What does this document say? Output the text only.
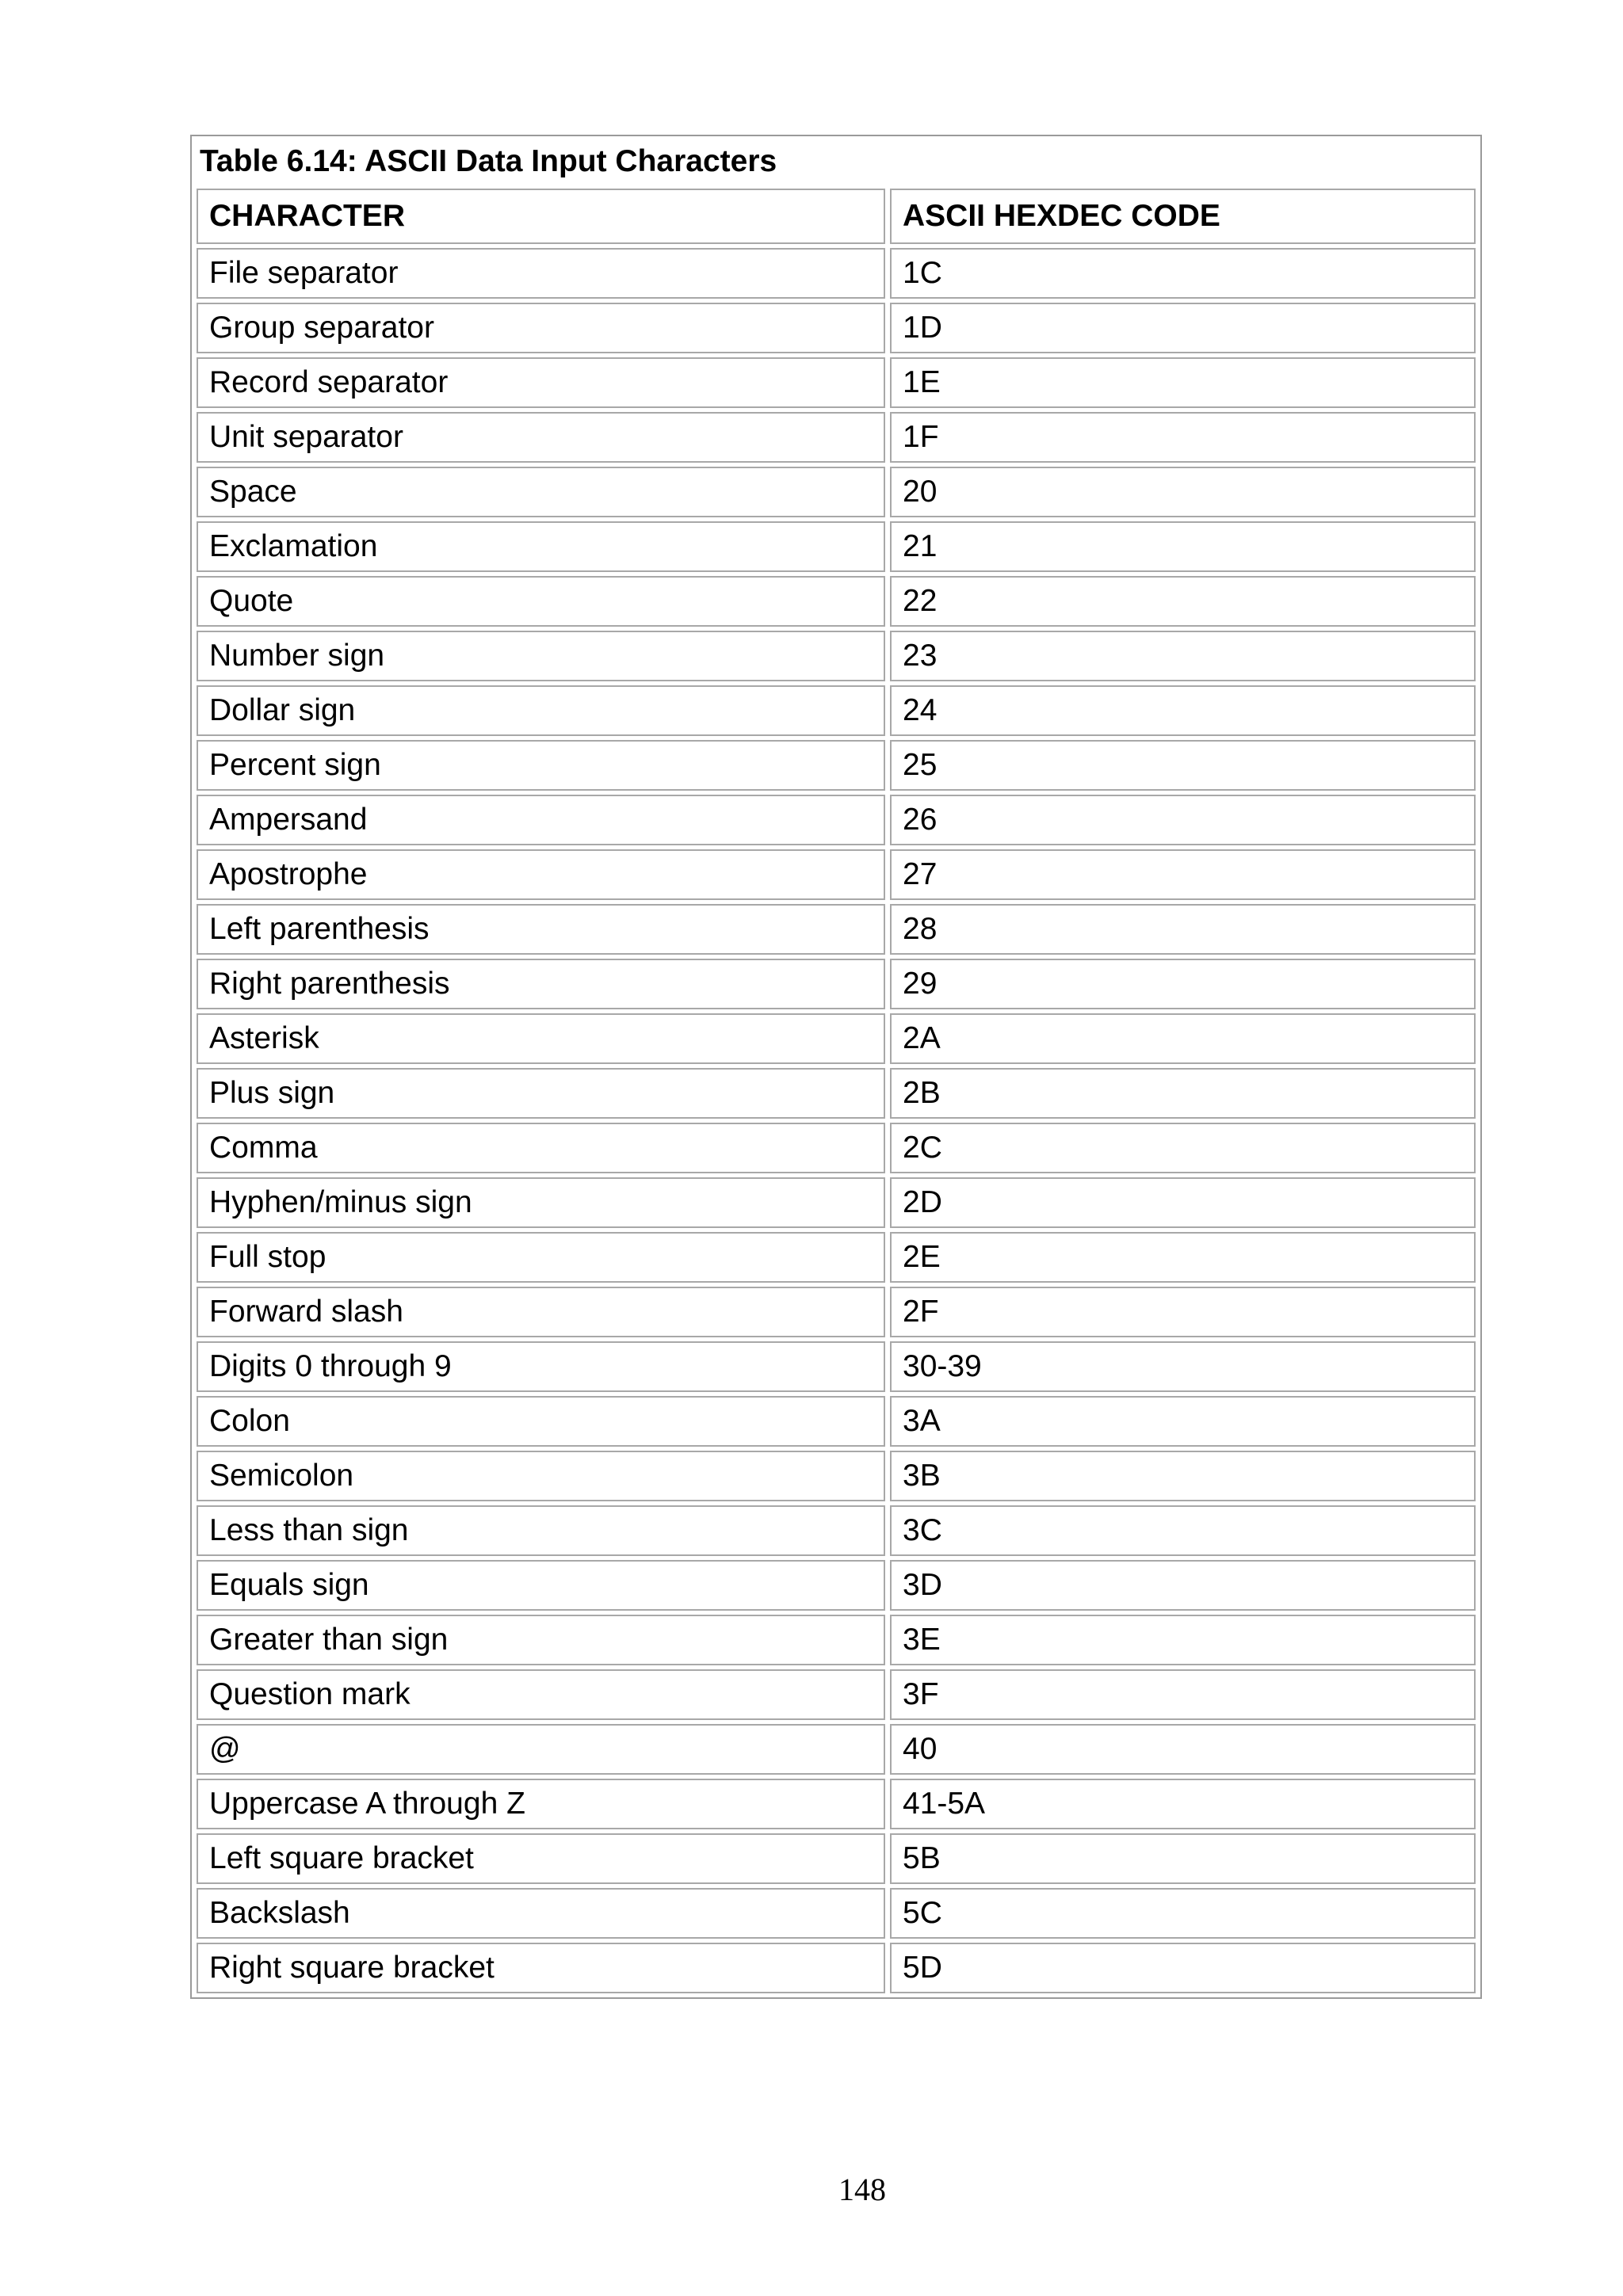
Table 6.14: ASCII Data Input Characters
CHARACTER	ASCII HEXDEC CODE
File separator	1C
Group separator	1D
Record separator	1E
Unit separator	1F
Space	20
Exclamation	21
Quote	22
Number sign	23
Dollar sign	24
Percent sign	25
Ampersand	26
Apostrophe	27
Left parenthesis	28
Right parenthesis	29
Asterisk	2A
Plus sign	2B
Comma	2C
Hyphen/minus sign	2D
Full stop	2E
Forward slash	2F
Digits 0 through 9	30-39
Colon	3A
Semicolon	3B
Less than sign	3C
Equals sign	3D
Greater than sign	3E
Question mark	3F
@	40
Uppercase A through Z	41-5A
Left square bracket	5B
Backslash	5C
Right square bracket	5D
148
